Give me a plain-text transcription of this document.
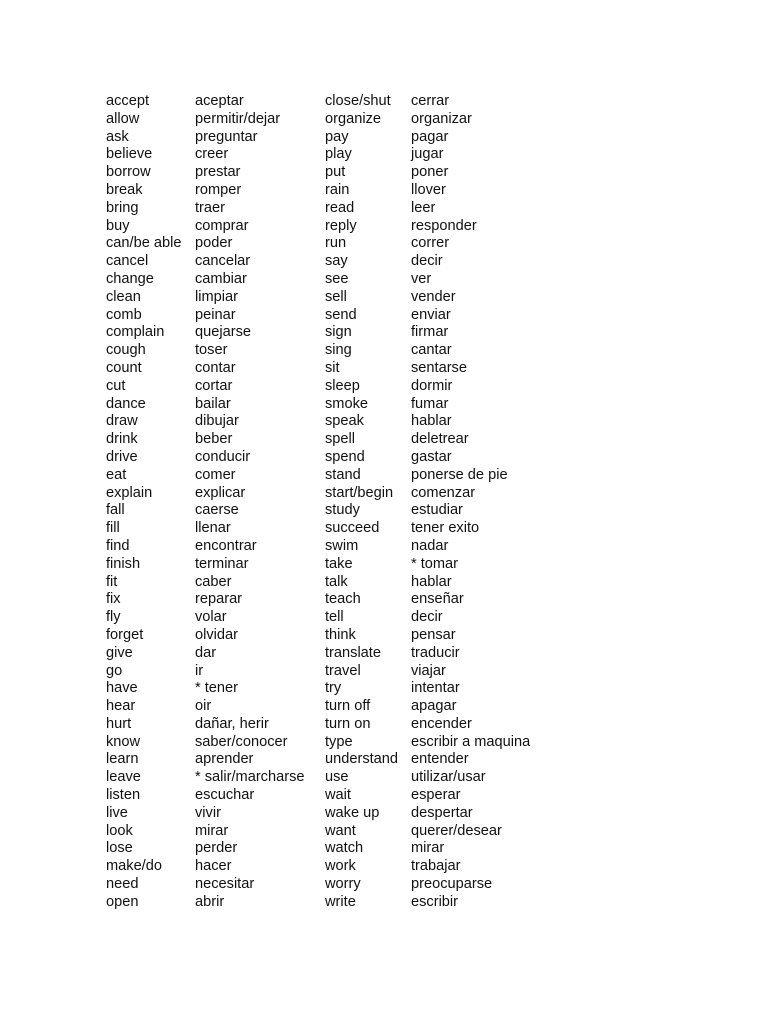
accept
allow
ask
believe
borrow
break
bring
buy
can/be able
cancel
change
clean
comb
complain
cough
count
cut
dance
draw
drink
drive
eat
explain
fall
fill
find
finish
fit
fix
fly
forget
give
go
have
hear
hurt
know
learn
leave
listen
live
look
lose
make/do
need
open
aceptar
permitir/dejar
preguntar
creer
prestar
romper
traer
comprar
poder
cancelar
cambiar
limpiar
peinar
quejarse
toser
contar
cortar
bailar
dibujar
beber
conducir
comer
explicar
caerse
llenar
encontrar
terminar
caber
reparar
volar
olvidar
dar
ir
* tener
oir
dañar, herir
saber/conocer
aprender
* salir/marcharse
escuchar
vivir
mirar
perder
hacer
necesitar
abrir
close/shut
organize
pay
play
put
rain
read
reply
run
say
see
sell
send
sign
sing
sit
sleep
smoke
speak
spell
spend
stand
start/begin
study
succeed
swim
take
talk
teach
tell
think
translate
travel
try
turn off
turn on
type
understand
use
wait
wake up
want
watch
work
worry
write
cerrar
organizar
pagar
jugar
poner
llover
leer
responder
correr
decir
ver
vender
enviar
firmar
cantar
sentarse
dormir
fumar
hablar
deletrear
gastar
ponerse de pie
comenzar
estudiar
tener exito
nadar
* tomar
hablar
enseñar
decir
pensar
traducir
viajar
intentar
apagar
encender
escribir a maquina
entender
utilizar/usar
esperar
despertar
querer/desear
mirar
trabajar
preocuparse
escribir
